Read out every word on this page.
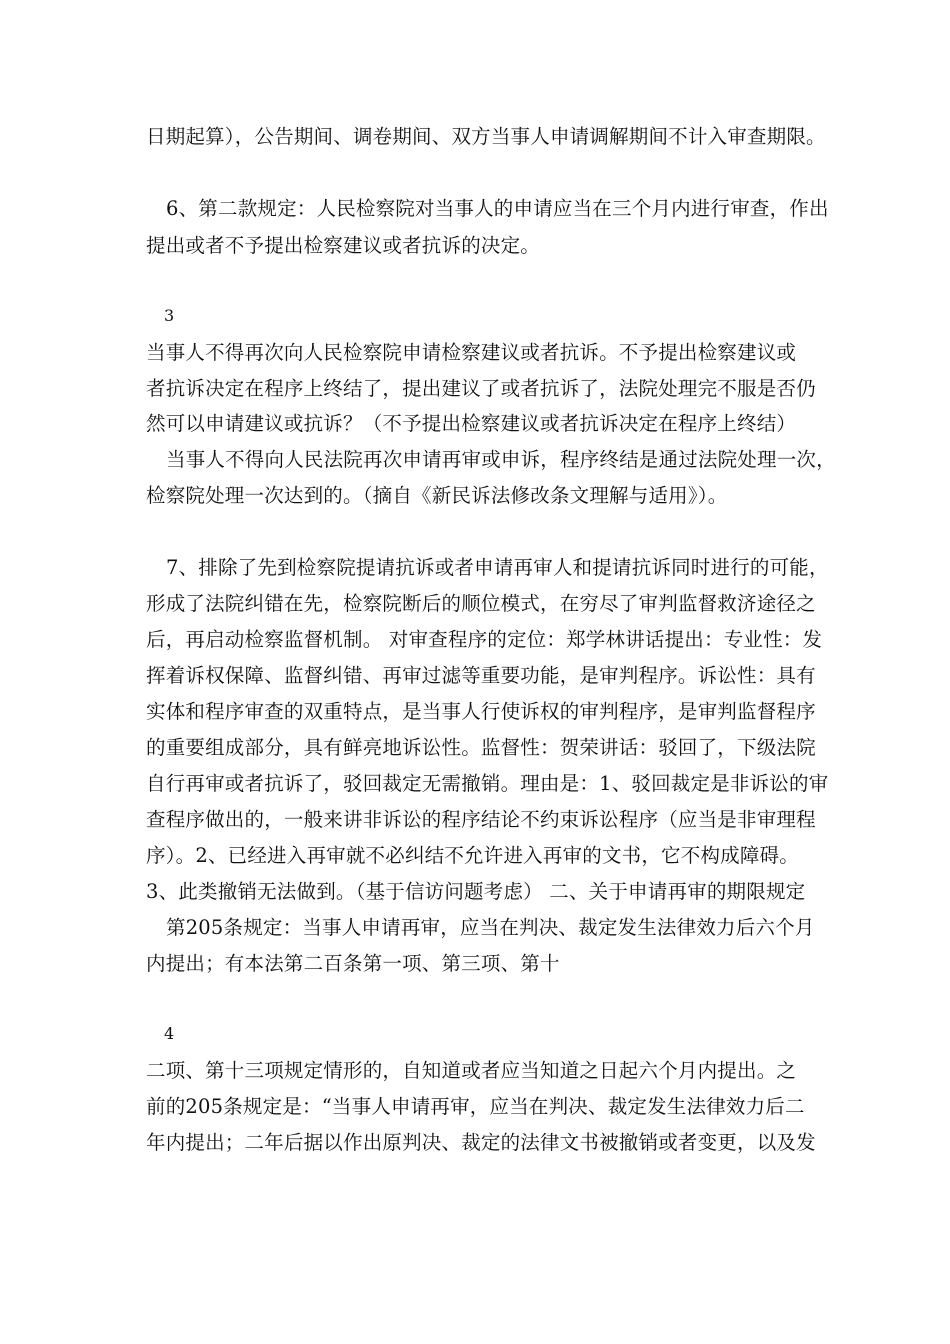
日期起算），公告期间、调卷期间、双方当事人申请调解期间不计入审查期限。
6、第二款规定：人民检察院对当事人的申请应当在三个月内进行审查，作出
提出或者不予提出检察建议或者抗诉的决定。
3
当事人不得再次向人民检察院申请检察建议或者抗诉。不予提出检察建议或
者抗诉决定在程序上终结了，提出建议了或者抗诉了，法院处理完不服是否仍
然可以申请建议或抗诉？（不予提出检察建议或者抗诉决定在程序上终结）
当事人不得向人民法院再次申请再审或申诉，程序终结是通过法院处理一次，
检察院处理一次达到的。（摘自《新民诉法修改条文理解与适用》）。
7、排除了先到检察院提请抗诉或者申请再审人和提请抗诉同时进行的可能，
形成了法院纠错在先，检察院断后的顺位模式，在穷尽了审判监督救济途径之
后，再启动检察监督机制。 对审查程序的定位：郑学林讲话提出：专业性：发
挥着诉权保障、监督纠错、再审过滤等重要功能，是审判程序。诉讼性：具有
实体和程序审查的双重特点，是当事人行使诉权的审判程序，是审判监督程序
的重要组成部分，具有鲜亮地诉讼性。监督性：贺荣讲话：驳回了，下级法院
自行再审或者抗诉了，驳回裁定无需撤销。理由是：1、驳回裁定是非诉讼的审
查程序做出的，一般来讲非诉讼的程序结论不约束诉讼程序（应当是非审理程
序）。2、已经进入再审就不必纠结不允许进入再审的文书，它不构成障碍。
3、此类撤销无法做到。（基于信访问题考虑） 二、关于申请再审的期限规定
第205条规定：当事人申请再审，应当在判决、裁定发生法律效力后六个月
内提出；有本法第二百条第一项、第三项、第十
4
二项、第十三项规定情形的，自知道或者应当知道之日起六个月内提出。之
前的205条规定是：“当事人申请再审，应当在判决、裁定发生法律效力后二
年内提出；二年后据以作出原判决、裁定的法律文书被撤销或者变更，以及发
